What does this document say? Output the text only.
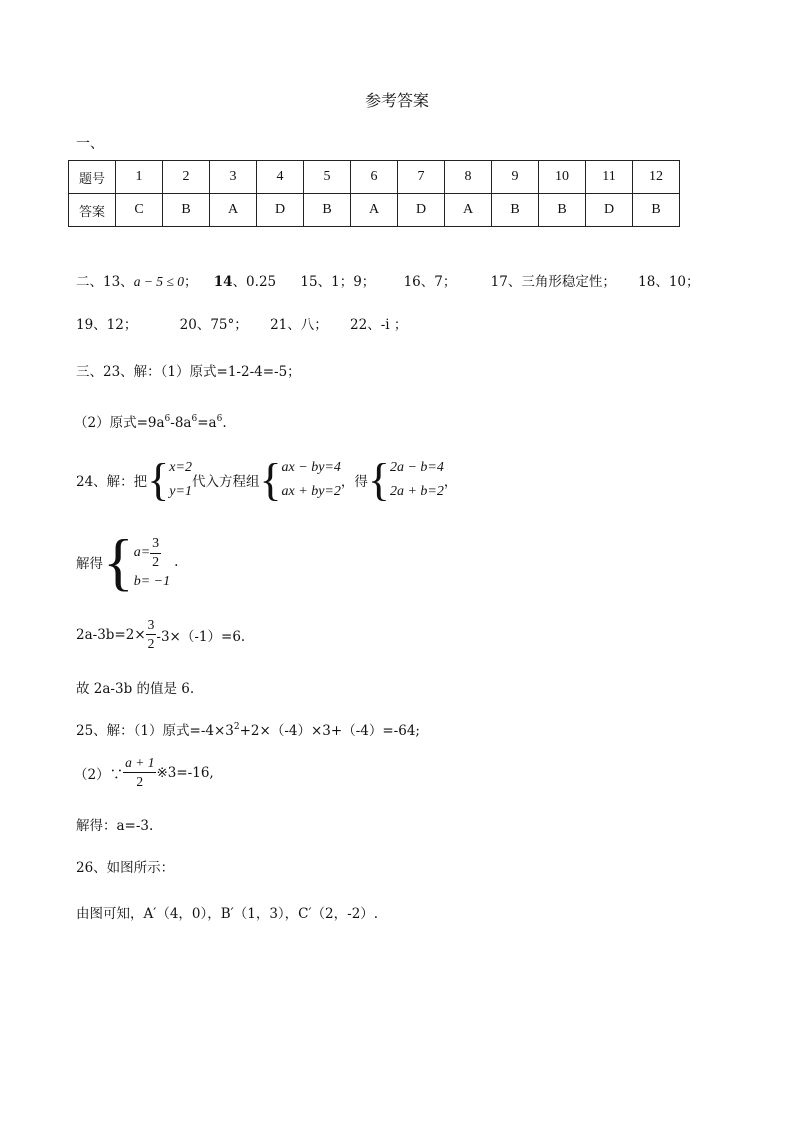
参考答案
一、
题号	1	2	3	4	5	6	7	8	9	10	11	12
答案	C	B	A	D	B	A	D	A	B	B	D	B
二、13、a − 5 ≤ 0； 14、0.25 15、1；9； 16、7；	17、三角形稳定性； 18、10；
19、12；	20、75°； 21、八； 22、-i ；
三、23、解：（1）原式=1-2-4=-5；
（2）原式$=9a^6-8a^6=a^6$.
24、解：把 { x=2
y=1
代入方程组 { ax − by=4
ax + by=2
，得 { 2a − b=4
2a + b=2
，
解得 { $a= \frac{3}{2}$
b= −1
.
$2a-3b=2\times \frac{3}{2} -3\times(-1)=6$.
故 2a-3b 的值是 6.
25、解：（1）原式$=-4\times 3^2+2\times(-4)\times 3+(-4)=-64$;
（2）∵ $\frac{a + 1}{2}$ ※3=-16,
解得：a=-3.
26、如图所示：
由图可知，A′（4，0），B′（1，3），C′（2，-2）.
